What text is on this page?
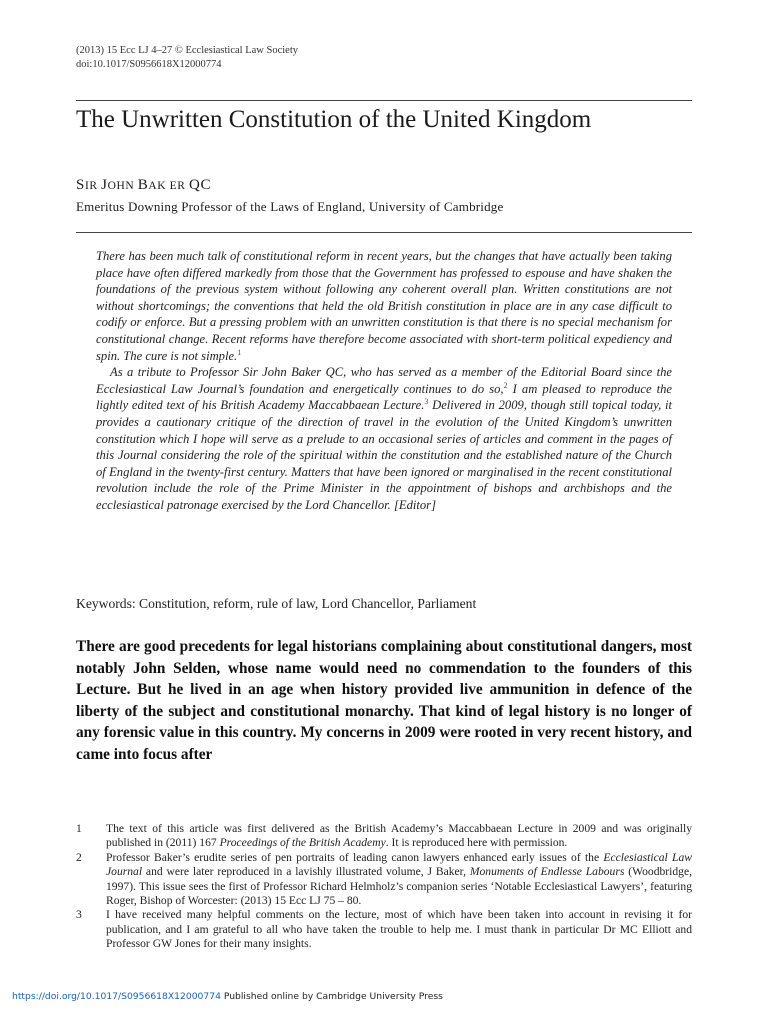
(2013) 15 Ecc LJ 4–27 © Ecclesiastical Law Society
doi:10.1017/S0956618X12000774
The Unwritten Constitution of the United Kingdom
SIR JOHN BAK ER QC
Emeritus Downing Professor of the Laws of England, University of Cambridge

There has been much talk of constitutional reform in recent years, but the changes that have actually been taking place have often differed markedly from those that the Government has professed to espouse and have shaken the foundations of the previous system without following any coherent overall plan. Written constitutions are not without shortcomings; the conventions that held the old British constitution in place are in any case difficult to codify or enforce. But a pressing problem with an unwritten constitution is that there is no special mechanism for constitutional change. Recent reforms have therefore become associated with short-term political expediency and spin. The cure is not simple.$^1$

As a tribute to Professor Sir John Baker QC, who has served as a member of the Editorial Board since the Ecclesiastical Law Journal’s foundation and energetically continues to do so,$^2$ I am pleased to reproduce the lightly edited text of his British Academy Maccabbaean Lecture.$^3$ Delivered in 2009, though still topical today, it provides a cautionary critique of the direction of travel in the evolution of the United Kingdom’s unwritten constitution which I hope will serve as a prelude to an occasional series of articles and comment in the pages of this Journal considering the role of the spiritual within the constitution and the established nature of the Church of England in the twenty-first century. Matters that have been ignored or marginalised in the recent constitutional revolution include the role of the Prime Minister in the appointment of bishops and archbishops and the ecclesiastical patronage exercised by the Lord Chancellor. [Editor]

Keywords: Constitution, reform, rule of law, Lord Chancellor, Parliament

There are good precedents for legal historians complaining about constitutional dangers, most notably John Selden, whose name would need no commendation to the founders of this Lecture. But he lived in an age when history provided live ammunition in defence of the liberty of the subject and constitutional monarchy. That kind of legal history is no longer of any forensic value in this country. My concerns in 2009 were rooted in very recent history, and came into focus after

1	The text of this article was first delivered as the British Academy’s Maccabbaean Lecture in 2009 and was originally published in (2011) 167 Proceedings of the British Academy. It is reproduced here with permission.
2	Professor Baker’s erudite series of pen portraits of leading canon lawyers enhanced early issues of the Ecclesiastical Law Journal and were later reproduced in a lavishly illustrated volume, J Baker, Monuments of Endlesse Labours (Woodbridge, 1997). This issue sees the first of Professor Richard Helmholz’s companion series ‘Notable Ecclesiastical Lawyers’, featuring Roger, Bishop of Worcester: (2013) 15 Ecc LJ 75 – 80.
3	I have received many helpful comments on the lecture, most of which have been taken into account in revising it for publication, and I am grateful to all who have taken the trouble to help me. I must thank in particular Dr MC Elliott and Professor GW Jones for their many insights.
https://doi.org/10.1017/S0956618X12000774 Published online by Cambridge University Press
